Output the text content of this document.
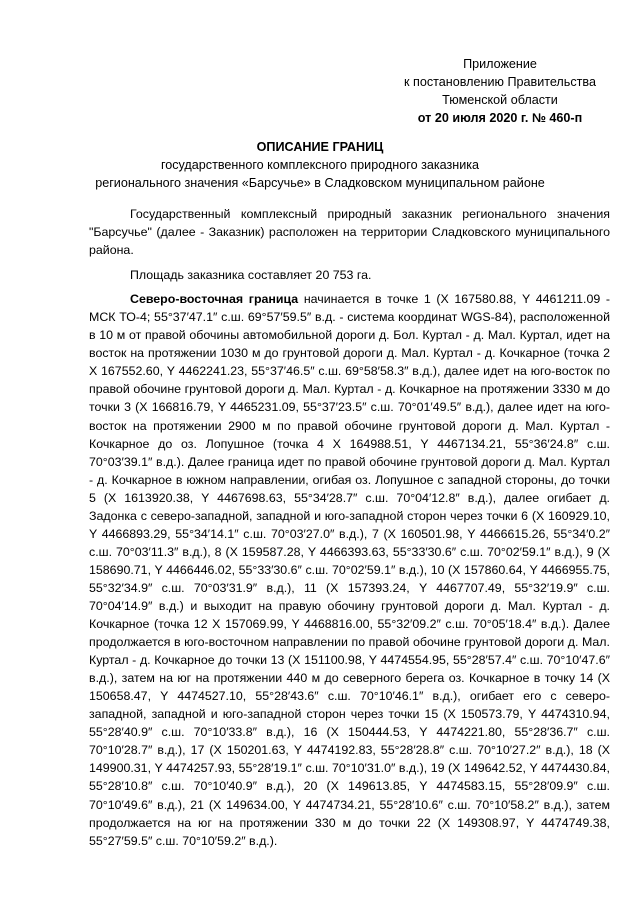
Приложение
к постановлению Правительства
Тюменской области
от 20 июля 2020 г. № 460-п
ОПИСАНИЕ ГРАНИЦ
государственного комплексного природного заказника
регионального значения «Барсучье» в Сладковском муниципальном районе

Государственный комплексный природный заказник регионального значения "Барсучье" (далее - Заказник) расположен на территории Сладковского муниципального района.

Площадь заказника составляет 20 753 га.

Северо-восточная граница начинается в точке 1 (Х 167580.88, Y 4461211.09 - МСК ТО-4; 55°37′47.1″ с.ш. 69°57′59.5″ в.д. - система координат WGS-84), расположенной в 10 м от правой обочины автомобильной дороги д. Бол. Куртал - д. Мал. Куртал, идет на восток на протяжении 1030 м до грунтовой дороги д. Мал. Куртал - д. Кочкарное (точка 2 Х 167552.60, Y 4462241.23, 55°37′46.5″ с.ш. 69°58′58.3″ в.д.), далее идет на юго-восток по правой обочине грунтовой дороги д. Мал. Куртал - д. Кочкарное на протяжении 3330 м до точки 3 (Х 166816.79, Y 4465231.09, 55°37′23.5″ с.ш. 70°01′49.5″ в.д.), далее идет на юго-восток на протяжении 2900 м по правой обочине грунтовой дороги д. Мал. Куртал - Кочкарное до оз. Лопушное (точка 4 Х 164988.51, Y 4467134.21, 55°36′24.8″ с.ш. 70°03′39.1″ в.д.). Далее граница идет по правой обочине грунтовой дороги д. Мал. Куртал - д. Кочкарное в южном направлении, огибая оз. Лопушное с западной стороны, до точки 5 (Х 1613920.38, Y 4467698.63, 55°34′28.7″ с.ш. 70°04′12.8″ в.д.), далее огибает д. Задонка с северо-западной, западной и юго-западной сторон через точки 6 (Х 160929.10, Y 4466893.29, 55°34′14.1″ с.ш. 70°03′27.0″ в.д.), 7 (Х 160501.98, Y 4466615.26, 55°34′0.2″ с.ш. 70°03′11.3″ в.д.), 8 (Х 159587.28, Y 4466393.63, 55°33′30.6″ с.ш. 70°02′59.1″ в.д.), 9 (Х 158690.71, Y 4466446.02, 55°33′30.6″ с.ш. 70°02′59.1″ в.д.), 10 (Х 157860.64, Y 4466955.75, 55°32′34.9″ с.ш. 70°03′31.9″ в.д.), 11 (Х 157393.24, Y 4467707.49, 55°32′19.9″ с.ш. 70°04′14.9″ в.д.) и выходит на правую обочину грунтовой дороги д. Мал. Куртал - д. Кочкарное (точка 12 Х 157069.99, Y 4468816.00, 55°32′09.2″ с.ш. 70°05′18.4″ в.д.). Далее продолжается в юго-восточном направлении по правой обочине грунтовой дороги д. Мал. Куртал - д. Кочкарное до точки 13 (Х 151100.98, Y 4474554.95, 55°28′57.4″ с.ш. 70°10′47.6″ в.д.), затем на юг на протяжении 440 м до северного берега оз. Кочкарное в точку 14 (Х 150658.47, Y 4474527.10, 55°28′43.6″ с.ш. 70°10′46.1″ в.д.), огибает его с северо-западной, западной и юго-западной сторон через точки 15 (Х 150573.79, Y 4474310.94, 55°28′40.9″ с.ш. 70°10′33.8″ в.д.), 16 (Х 150444.53, Y 4474221.80, 55°28′36.7″ с.ш. 70°10′28.7″ в.д.), 17 (Х 150201.63, Y 4474192.83, 55°28′28.8″ с.ш. 70°10′27.2″ в.д.), 18 (Х 149900.31, Y 4474257.93, 55°28′19.1″ с.ш. 70°10′31.0″ в.д.), 19 (Х 149642.52, Y 4474430.84, 55°28′10.8″ с.ш. 70°10′40.9″ в.д.), 20 (Х 149613.85, Y 4474583.15, 55°28′09.9″ с.ш. 70°10′49.6″ в.д.), 21 (Х 149634.00, Y 4474734.21, 55°28′10.6″ с.ш. 70°10′58.2″ в.д.), затем продолжается на юг на протяжении 330 м до точки 22 (Х 149308.97, Y 4474749.38, 55°27′59.5″ с.ш. 70°10′59.2″ в.д.).
